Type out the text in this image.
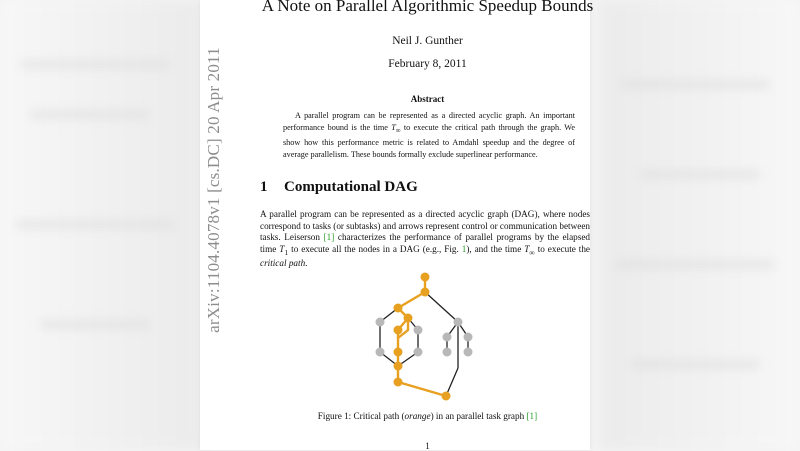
arXiv:1104.4078v1 [cs.DC] 20 Apr 2011
A Note on Parallel Algorithmic Speedup Bounds
Neil J. Gunther
February 8, 2011
Abstract
A parallel program can be represented as a directed acyclic graph. An important performance bound is the time $T_\infty$ to execute the critical path through the graph. We show how this performance metric is related to Amdahl speedup and the degree of average parallelism. These bounds formally exclude superlinear performance.
1 Computational DAG
A parallel program can be represented as a directed acyclic graph (DAG), where nodes correspond to tasks (or subtasks) and arrows represent control or communication between tasks. Leiserson [1] characterizes the performance of parallel programs by the elapsed time $T_1$ to execute all the nodes in a DAG (e.g., Fig. 1), and the time $T_\infty$ to execute the critical path.
Figure 1: Critical path (orange) in an parallel task graph [1]
1
